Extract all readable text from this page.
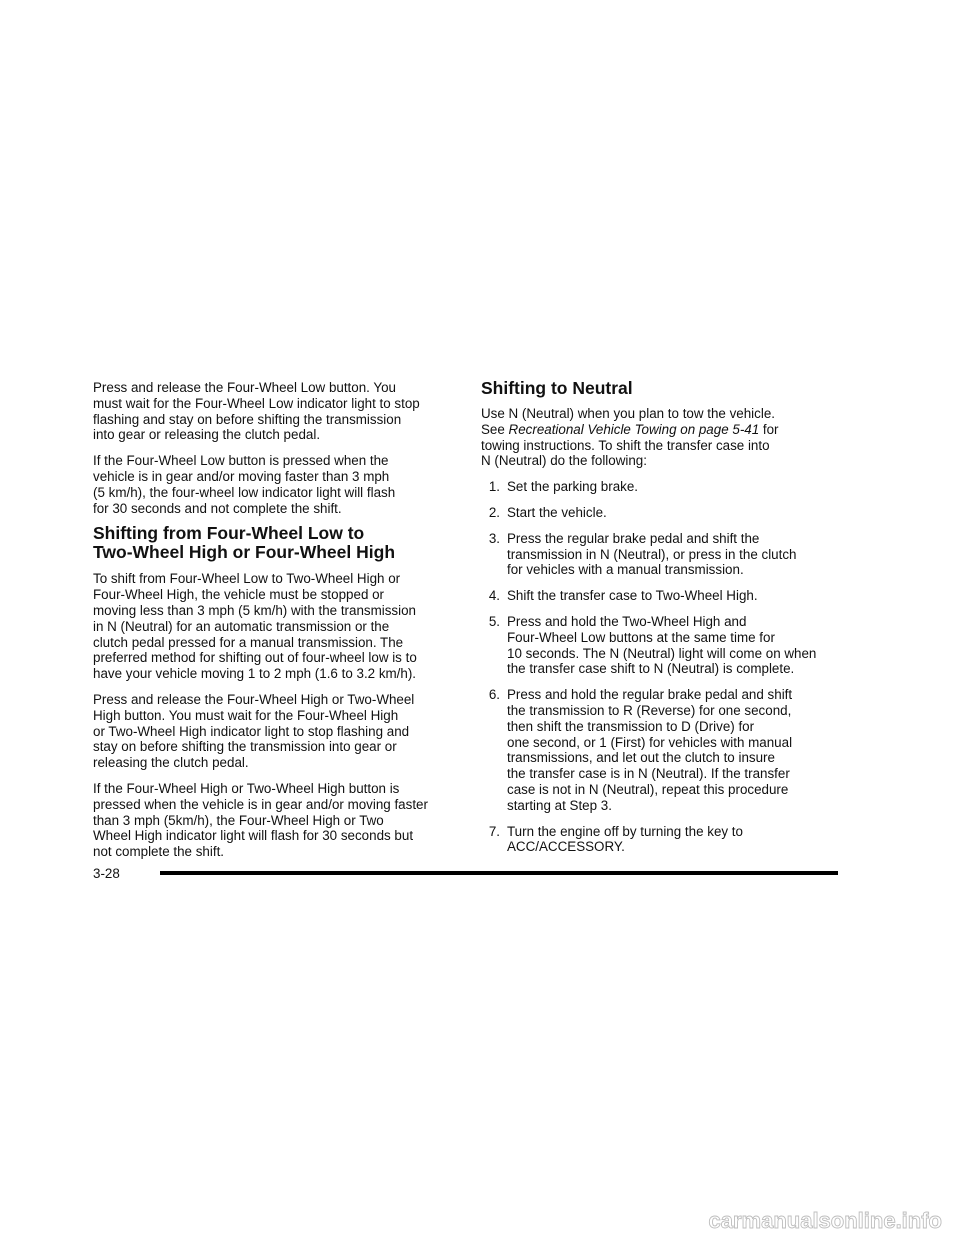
Press and release the Four-Wheel Low button. You
must wait for the Four-Wheel Low indicator light to stop
flashing and stay on before shifting the transmission
into gear or releasing the clutch pedal.

If the Four-Wheel Low button is pressed when the
vehicle is in gear and/or moving faster than 3 mph
(5 km/h), the four-wheel low indicator light will flash
for 30 seconds and not complete the shift.

Shifting from Four-Wheel Low to
Two-Wheel High or Four-Wheel High

To shift from Four-Wheel Low to Two-Wheel High or
Four-Wheel High, the vehicle must be stopped or
moving less than 3 mph (5 km/h) with the transmission
in N (Neutral) for an automatic transmission or the
clutch pedal pressed for a manual transmission. The
preferred method for shifting out of four-wheel low is to
have your vehicle moving 1 to 2 mph (1.6 to 3.2 km/h).

Press and release the Four-Wheel High or Two-Wheel
High button. You must wait for the Four-Wheel High
or Two-Wheel High indicator light to stop flashing and
stay on before shifting the transmission into gear or
releasing the clutch pedal.

If the Four-Wheel High or Two-Wheel High button is
pressed when the vehicle is in gear and/or moving faster
than 3 mph (5km/h), the Four-Wheel High or Two
Wheel High indicator light will flash for 30 seconds but
not complete the shift.

Shifting to Neutral

Use N (Neutral) when you plan to tow the vehicle.
See Recreational Vehicle Towing on page 5-41 for
towing instructions. To shift the transfer case into
N (Neutral) do the following:

1. Set the parking brake.
2. Start the vehicle.
3. Press the regular brake pedal and shift the
transmission in N (Neutral), or press in the clutch
for vehicles with a manual transmission.
4. Shift the transfer case to Two-Wheel High.
5. Press and hold the Two-Wheel High and
Four-Wheel Low buttons at the same time for
10 seconds. The N (Neutral) light will come on when
the transfer case shift to N (Neutral) is complete.
6. Press and hold the regular brake pedal and shift
the transmission to R (Reverse) for one second,
then shift the transmission to D (Drive) for
one second, or 1 (First) for vehicles with manual
transmissions, and let out the clutch to insure
the transfer case is in N (Neutral). If the transfer
case is not in N (Neutral), repeat this procedure
starting at Step 3.
7. Turn the engine off by turning the key to
ACC/ACCESSORY.
3-28
carmanualsonline.info
